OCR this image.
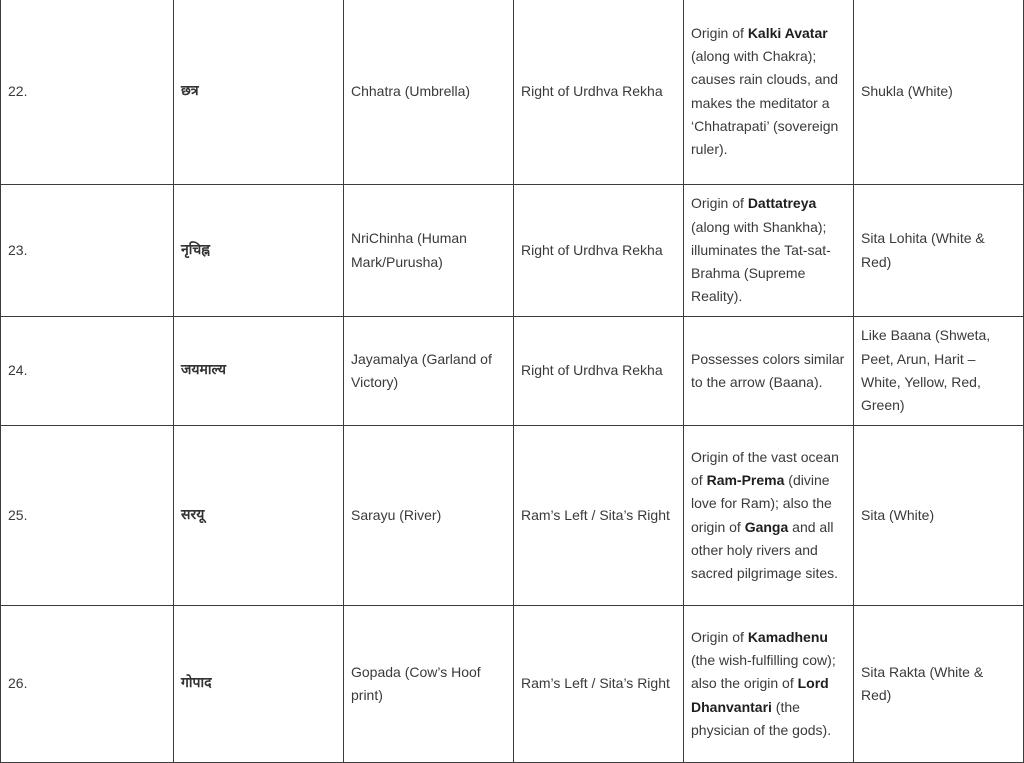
22.	छत्र	Chhatra (Umbrella)	Right of Urdhva Rekha	Origin of Kalki Avatar (along with Chakra); causes rain clouds, and makes the meditator a ‘Chhatrapati’ (sovereign ruler).	Shukla (White)
23.	नृचिह्न	NriChinha (Human Mark/Purusha)	Right of Urdhva Rekha	Origin of Dattatreya (along with Shankha); illuminates the Tat-sat-Brahma (Supreme Reality).	Sita Lohita (White & Red)
24.	जयमाल्य	Jayamalya (Garland of Victory)	Right of Urdhva Rekha	Possesses colors similar to the arrow (Baana).	Like Baana (Shweta, Peet, Arun, Harit – White, Yellow, Red, Green)
25.	सरयू	Sarayu (River)	Ram’s Left / Sita’s Right	Origin of the vast ocean of Ram-Prema (divine love for Ram); also the origin of Ganga and all other holy rivers and sacred pilgrimage sites.	Sita (White)
26.	गोपाद	Gopada (Cow’s Hoof print)	Ram’s Left / Sita’s Right	Origin of Kamadhenu (the wish-fulfilling cow); also the origin of Lord Dhanvantari (the physician of the gods).	Sita Rakta (White & Red)
